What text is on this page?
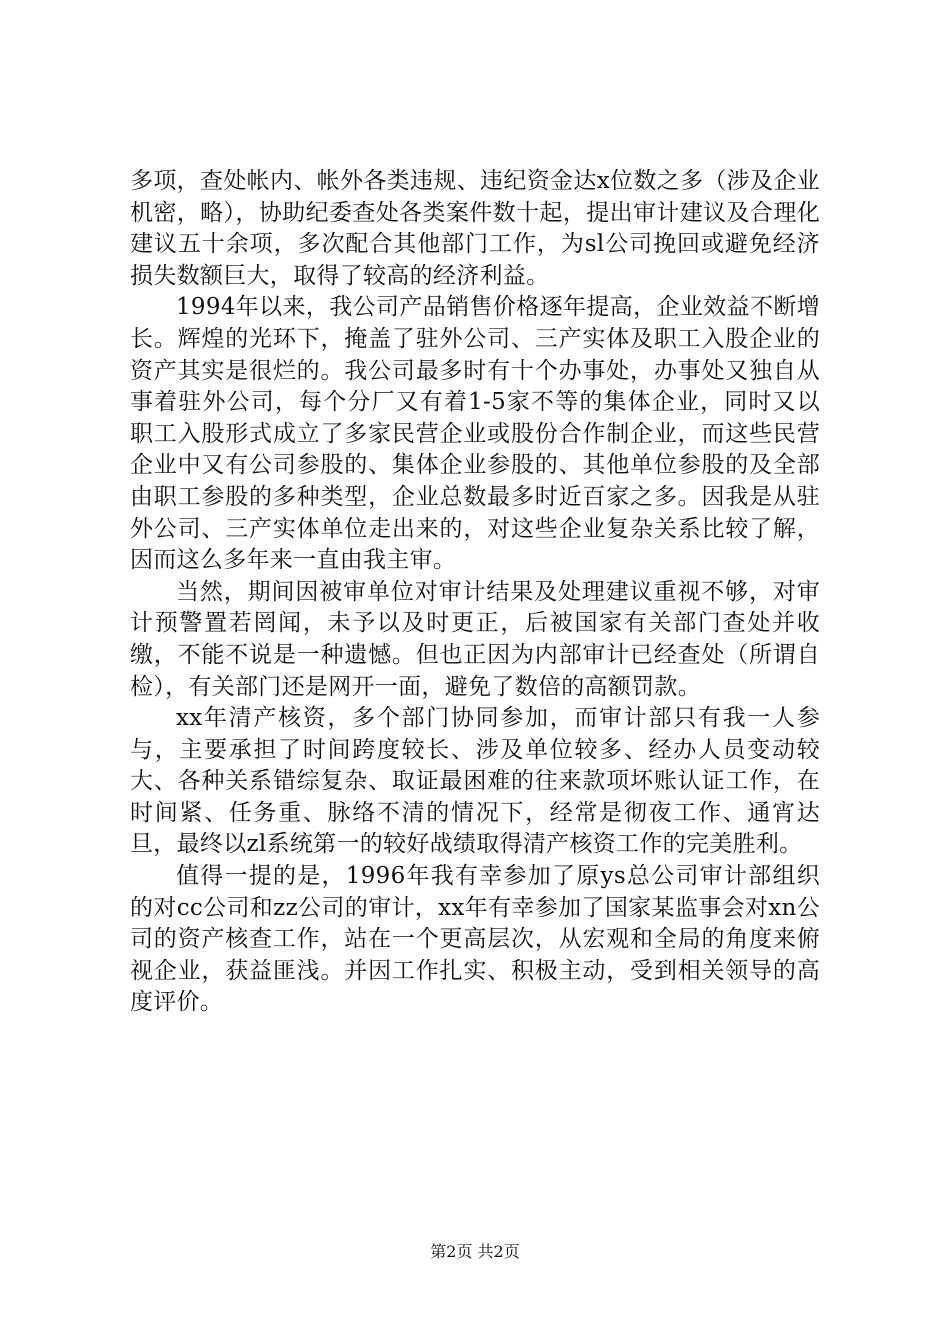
多项，查处帐内、帐外各类违规、违纪资金达x位数之多（涉及企业机密，略），协助纪委查处各类案件数十起，提出审计建议及合理化建议五十余项，多次配合其他部门工作，为sl公司挽回或避免经济损失数额巨大，取得了较高的经济利益。

1994年以来，我公司产品销售价格逐年提高，企业效益不断增长。辉煌的光环下，掩盖了驻外公司、三产实体及职工入股企业的资产其实是很烂的。我公司最多时有十个办事处，办事处又独自从事着驻外公司，每个分厂又有着1-5家不等的集体企业，同时又以职工入股形式成立了多家民营企业或股份合作制企业，而这些民营企业中又有公司参股的、集体企业参股的、其他单位参股的及全部由职工参股的多种类型，企业总数最多时近百家之多。因我是从驻外公司、三产实体单位走出来的，对这些企业复杂关系比较了解，因而这么多年来一直由我主审。

当然，期间因被审单位对审计结果及处理建议重视不够，对审计预警置若罔闻，未予以及时更正，后被国家有关部门查处并收缴，不能不说是一种遗憾。但也正因为内部审计已经查处（所谓自检），有关部门还是网开一面，避免了数倍的高额罚款。

xx年清产核资，多个部门协同参加，而审计部只有我一人参与，主要承担了时间跨度较长、涉及单位较多、经办人员变动较大、各种关系错综复杂、取证最困难的往来款项坏账认证工作，在时间紧、任务重、脉络不清的情况下，经常是彻夜工作、通宵达旦，最终以zl系统第一的较好战绩取得清产核资工作的完美胜利。

值得一提的是，1996年我有幸参加了原ys总公司审计部组织的对cc公司和zz公司的审计，xx年有幸参加了国家某监事会对xn公司的资产核查工作，站在一个更高层次，从宏观和全局的角度来俯视企业，获益匪浅。并因工作扎实、积极主动，受到相关领导的高度评价。

第2页 共2页
